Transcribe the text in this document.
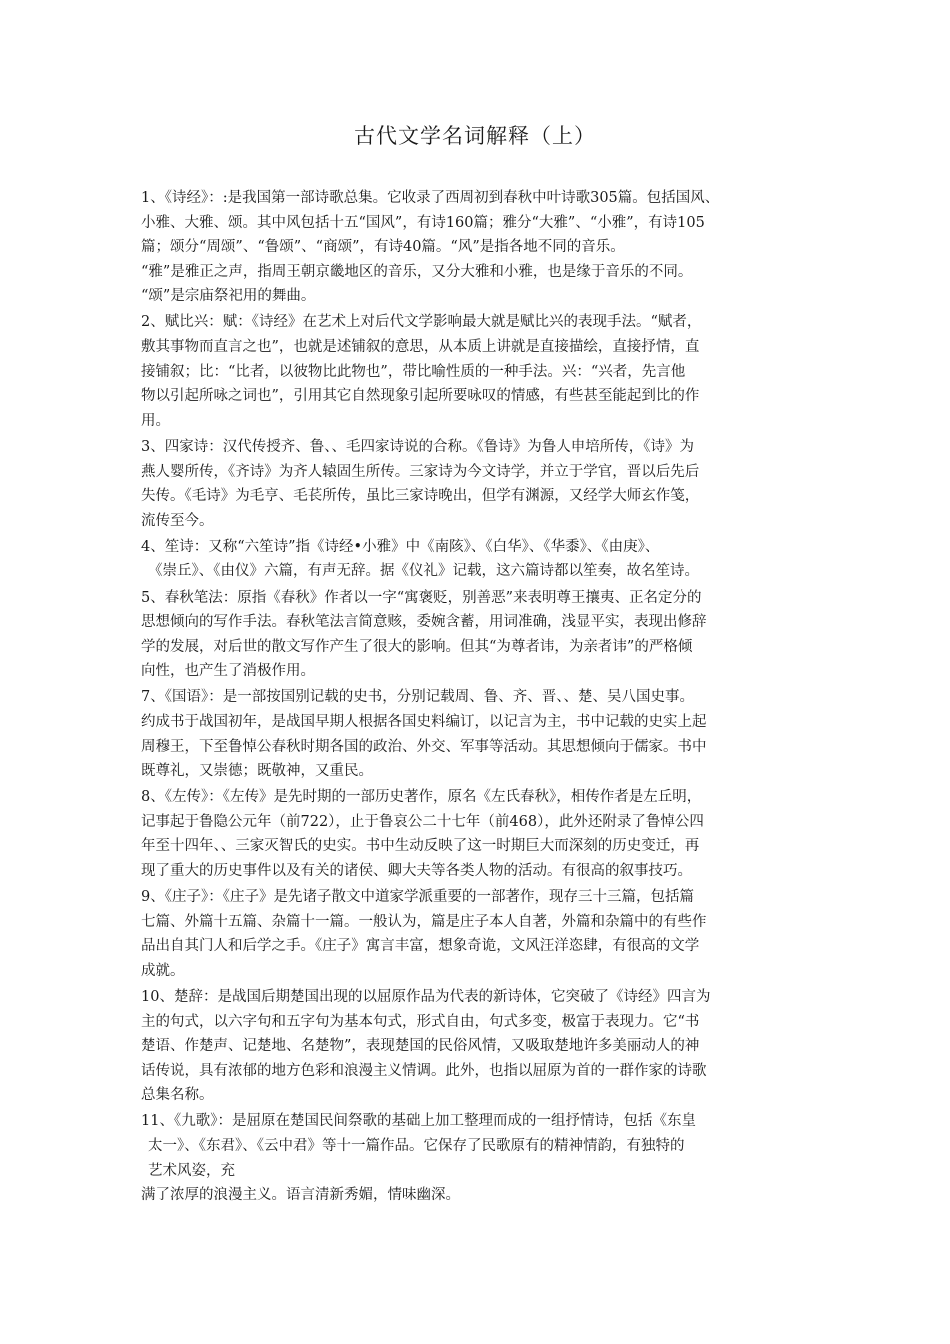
古代文学名词解释（上）
1、《诗经》：:是我国第一部诗歌总集。它收录了西周初到春秋中叶诗歌305篇。包括国风、
小雅、大雅、颂。其中风包括十五“国风”，有诗160篇；雅分“大雅”、“小雅”，有诗105
篇；颂分“周颂”、“鲁颂”、“商颂”，有诗40篇。“风”是指各地不同的音乐。
“雅”是雅正之声，指周王朝京畿地区的音乐，又分大雅和小雅，也是缘于音乐的不同。
“颂”是宗庙祭祀用的舞曲。
2、赋比兴：赋：《诗经》在艺术上对后代文学影响最大就是赋比兴的表现手法。“赋者，
敷其事物而直言之也”，也就是述铺叙的意思，从本质上讲就是直接描绘，直接抒情，直
接铺叙；比：“比者，以彼物比此物也”，带比喻性质的一种手法。兴：“兴者，先言他
物以引起所咏之词也”，引用其它自然现象引起所要咏叹的情感，有些甚至能起到比的作
用。
3、四家诗：汉代传授齐、鲁、、毛四家诗说的合称。《鲁诗》为鲁人申培所传，《诗》为
燕人婴所传，《齐诗》为齐人辕固生所传。三家诗为今文诗学，并立于学官，晋以后先后
失传。《毛诗》为毛亨、毛苌所传，虽比三家诗晚出，但学有渊源，又经学大师玄作笺，
流传至今。
4、笙诗：又称“六笙诗”指《诗经•小雅》中《南陔》、《白华》、《华黍》、《由庚》、
《崇丘》、《由仪》六篇，有声无辞。据《仪礼》记载，这六篇诗都以笙奏，故名笙诗。
5、春秋笔法：原指《春秋》作者以一字“寓褒贬，别善恶”来表明尊王攘夷、正名定分的
思想倾向的写作手法。春秋笔法言简意赅，委婉含蓄，用词准确，浅显平实，表现出修辞
学的发展，对后世的散文写作产生了很大的影响。但其“为尊者讳，为亲者讳”的严格倾
向性，也产生了消极作用。
7、《国语》：是一部按国别记载的史书，分别记载周、鲁、齐、晋、、楚、吴八国史事。
约成书于战国初年，是战国早期人根据各国史料编订，以记言为主，书中记载的史实上起
周穆王，下至鲁悼公春秋时期各国的政治、外交、军事等活动。其思想倾向于儒家。书中
既尊礼，又崇德；既敬神，又重民。
8、《左传》：《左传》是先时期的一部历史著作，原名《左氏春秋》，相传作者是左丘明，
记事起于鲁隐公元年（前722），止于鲁哀公二十七年（前468），此外还附录了鲁悼公四
年至十四年、、三家灭智氏的史实。书中生动反映了这一时期巨大而深刻的历史变迁，再
现了重大的历史事件以及有关的诸侯、卿大夫等各类人物的活动。有很高的叙事技巧。
9、《庄子》：《庄子》是先诸子散文中道家学派重要的一部著作，现存三十三篇，包括篇
七篇、外篇十五篇、杂篇十一篇。一般认为，篇是庄子本人自著，外篇和杂篇中的有些作
品出自其门人和后学之手。《庄子》寓言丰富，想象奇诡，文风汪洋恣肆，有很高的文学
成就。
10、楚辞：是战国后期楚国出现的以屈原作品为代表的新诗体，它突破了《诗经》四言为
主的句式，以六字句和五字句为基本句式，形式自由，句式多变，极富于表现力。它“书
楚语、作楚声、记楚地、名楚物”，表现楚国的民俗风情，又吸取楚地许多美丽动人的神
话传说，具有浓郁的地方色彩和浪漫主义情调。此外，也指以屈原为首的一群作家的诗歌
总集名称。
11、《九歌》：是屈原在楚国民间祭歌的基础上加工整理而成的一组抒情诗，包括《东皇
太一》、《东君》、《云中君》等十一篇作品。它保存了民歌原有的精神情韵，有独特的
艺术风姿，充
满了浓厚的浪漫主义。语言清新秀媚，情味幽深。
